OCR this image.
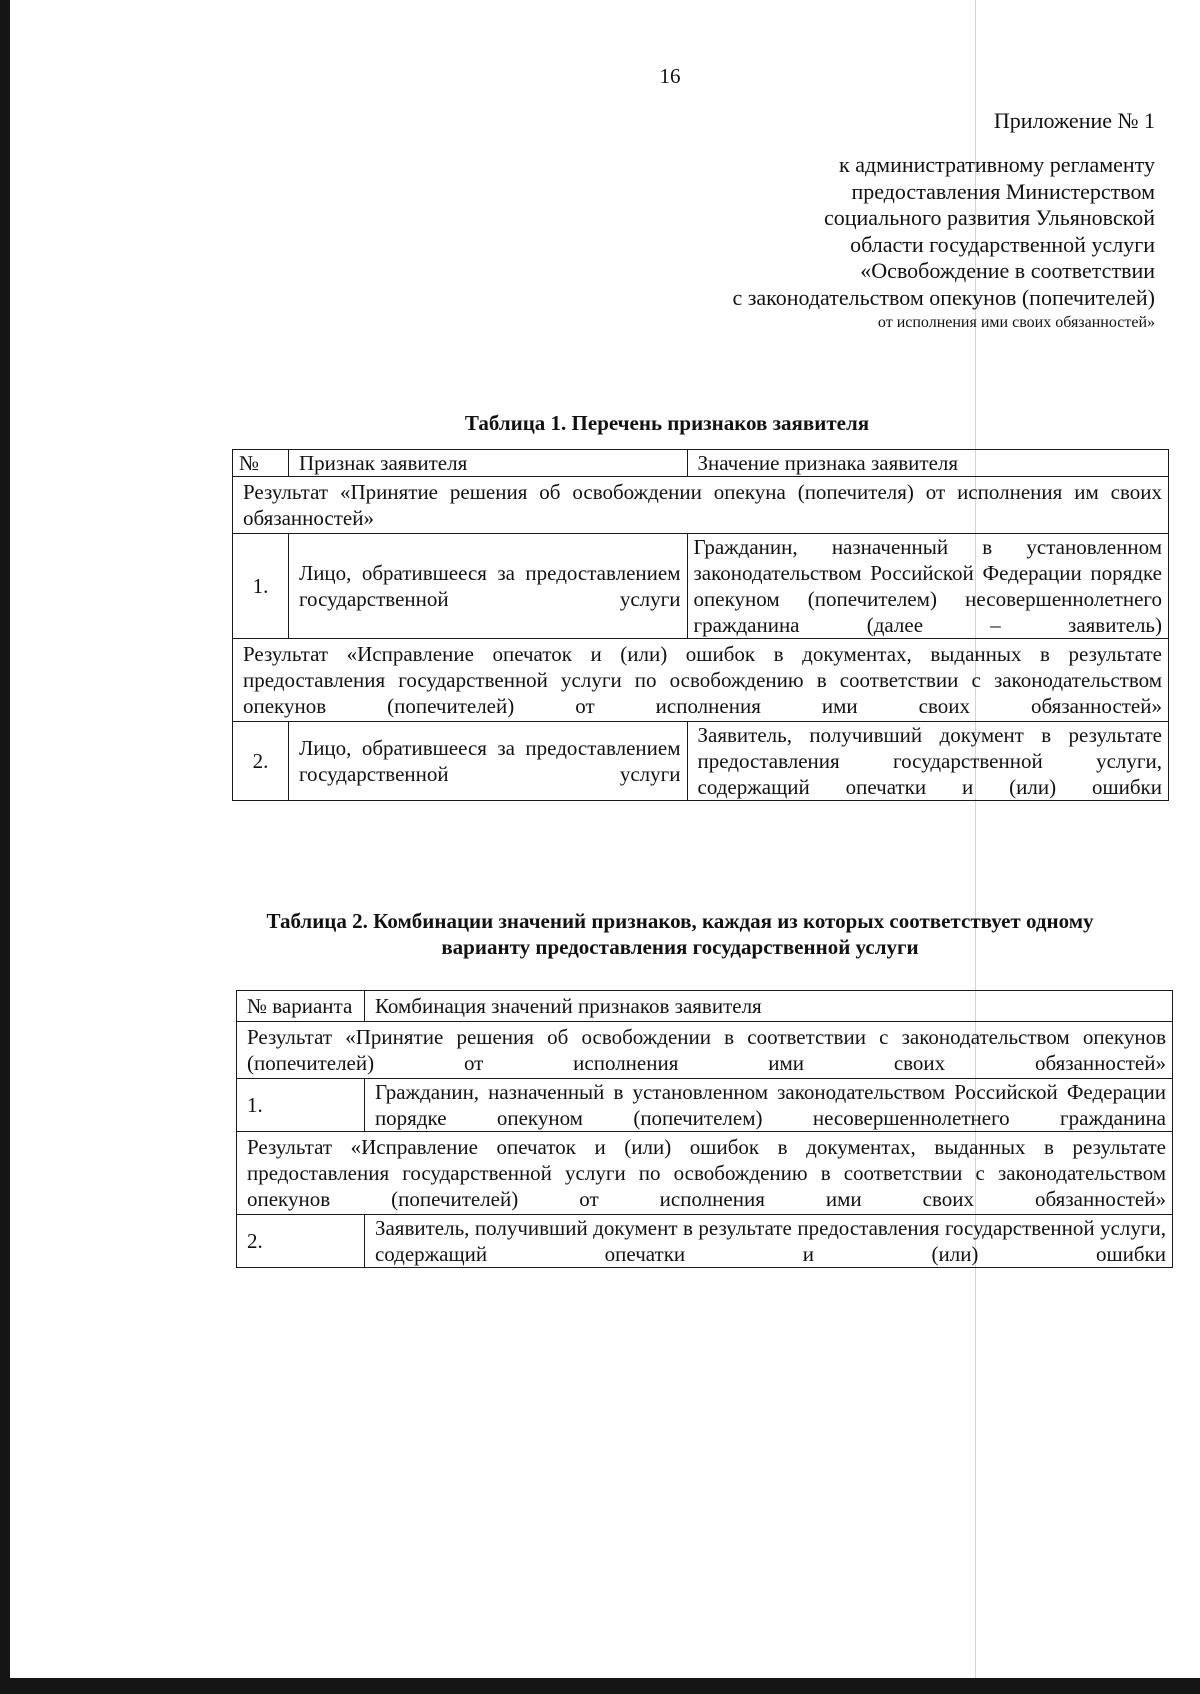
16
Приложение № 1
к административному регламенту
предоставления Министерством
социального развития Ульяновской
области государственной услуги
«Освобождение в соответствии
с законодательством опекунов (попечителей)
от исполнения ими своих обязанностей»
Таблица 1. Перечень признаков заявителя
№	Признак заявителя	Значение признака заявителя
Результат «Принятие решения об освобождении опекуна (попечителя) от исполнения им своих обязанностей»		
1.	Лицо, обратившееся за предоставлением государственной услуги	Гражданин, назначенный в установленном законодательством Российской Федерации порядке опекуном (попечителем) несовершеннолетнего гражданина (далее – заявитель)
Результат «Исправление опечаток и (или) ошибок в документах, выданных в результате предоставления государственной услуги по освобождению в соответствии с законодательством опекунов (попечителей) от исполнения ими своих обязанностей»		
2.	Лицо, обратившееся за предоставлением государственной услуги	Заявитель, получивший документ в результате предоставления государственной услуги, содержащий опечатки и (или) ошибки
Таблица 2. Комбинации значений признаков, каждая из которых соответствует одному
варианту предоставления государственной услуги
№ варианта	Комбинация значений признаков заявителя
Результат «Принятие решения об освобождении в соответствии с законодательством опекунов (попечителей) от исполнения ими своих обязанностей»	
1.	Гражданин, назначенный в установленном законодательством Российской Федерации порядке опекуном (попечителем) несовершеннолетнего гражданина
Результат «Исправление опечаток и (или) ошибок в документах, выданных в результате предоставления государственной услуги по освобождению в соответствии с законодательством опекунов (попечителей) от исполнения ими своих обязанностей»	
2.	Заявитель, получивший документ в результате предоставления государственной услуги, содержащий опечатки и (или) ошибки
